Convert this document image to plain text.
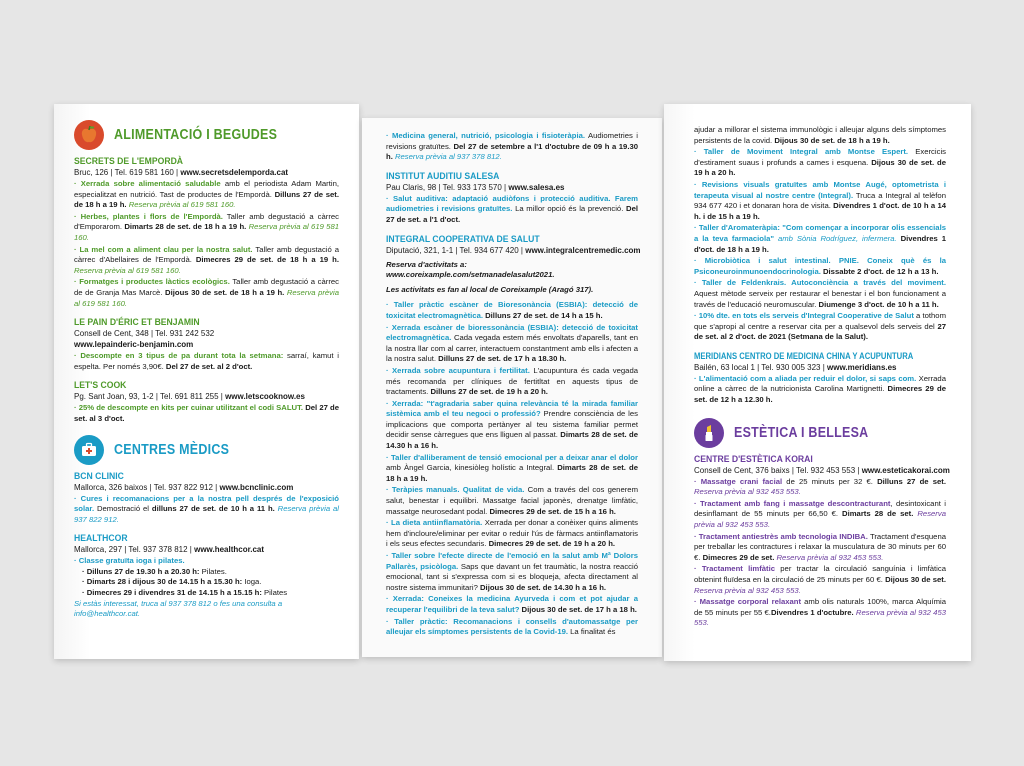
ALIMENTACIÓ I BEGUDES
SECRETS DE L'EMPORDÀ
Bruc, 126 | Tel. 619 581 160 | www.secretsdelemporda.cat
· Xerrada sobre alimentació saludable amb el periodista Adam Martin, especialitzat en nutrició. Tast de productes de l'Empordà. Dilluns 27 de set. de 18 h a 19 h. Reserva prèvia al 619 581 160.
· Herbes, plantes i flors de l'Empordà. Taller amb degustació a càrrec d'Emporarom. Dimarts 28 de set. de 18 h a 19 h. Reserva prèvia al 619 581 160.
· La mel com a aliment clau per la nostra salut. Taller amb degustació a càrrec d'Abellaires de l'Empordà. Dimecres 29 de set. de 18 h a 19 h. Reserva prèvia al 619 581 160.
· Formatges i productes làctics ecològics. Taller amb degustació a càrrec de de Granja Mas Marcè. Dijous 30 de set. de 18 h a 19 h. Reserva prèvia al 619 581 160.
LE PAIN D'ÉRIC ET BENJAMIN
Consell de Cent, 348 | Tel. 931 242 532
www.lepainderic-benjamin.com
· Descompte en 3 tipus de pa durant tota la setmana: sarraí, kamut i espelta. Per només 3,90€. Del 27 de set. al 2 d'oct.
LET'S COOK
Pg. Sant Joan, 93, 1-2 | Tel. 691 811 255 | www.letscooknow.es
· 25% de descompte en kits per cuinar utilitzant el codi SALUT. Del 27 de set. al 3 d'oct.
CENTRES MÈDICS
BCN CLINIC
Mallorca, 326 baixos | Tel. 937 822 912 | www.bcnclinic.com
· Cures i recomanacions per a la nostra pell després de l'exposició solar. Demostració el dilluns 27 de set. de 10 h a 11 h. Reserva prèvia al 937 822 912.
HEALTHCOR
Mallorca, 297 | Tel. 937 378 812 | www.healthcor.cat
· Classe gratuïta ioga i pilates.
· Dilluns 27 de 19.30 h a 20.30 h: Pilates.
· Dimarts 28 i dijous 30 de 14.15 h a 15.30 h: Ioga.
· Dimecres 29 i divendres 31 de 14.15 h a 15.15 h: Pilates
Si estàs interessat, truca al 937 378 812 o fes una consulta a info@healthcor.cat.
· Medicina general, nutrició, psicologia i fisioteràpia. Audiometries i revisions gratuïtes. Del 27 de setembre a l'1 d'octubre de 09 h a 19.30 h. Reserva prèvia al 937 378 812.
INSTITUT AUDITIU SALESA
Pau Claris, 98 | Tel. 933 173 570 | www.salesa.es
· Salut auditiva: adaptació audiòfons i protecció auditiva. Farem audiometries i revisions gratuïtes. La millor opció és la prevenció. Del 27 de set. a l'1 d'oct.
INTEGRAL COOPERATIVA DE SALUT
Diputació, 321, 1-1 | Tel. 934 677 420 | www.integralcentremedic.com
Reserva d'activitats a:
www.coreixample.com/setmanadelasalut2021.
Les activitats es fan al local de Coreixample (Aragó 317).
· Taller pràctic escàner de Bioresonància (ESBIA): detecció de toxicitat electromagnètica. Dilluns 27 de set. de 14 h a 15 h.
· Xerrada escàner de bioressonància (ESBIA): detecció de toxicitat electromagnètica. Cada vegada estem més envoltats d'aparells, tant en la nostra llar com al carrer, interactuem constantment amb ells i afecten a la nostra salut. Dilluns 27 de set. de 17 h a 18.30 h.
· Xerrada sobre acupuntura i fertilitat. L'acupuntura és cada vegada més recomanda per clíniques de fertitltat en aquests tipus de tractaments. Dilluns 27 de set. de 19 h a 20 h.
· Xerrada: "t'agradaria saber quina relevància té la mirada familiar sistèmica amb el teu negoci o professió? Prendre consciència de les implicacions que comporta pertànyer al teu sistema familiar permet decidir sense càrregues que ens lliguen al passat. Dimarts 28 de set. de 14.30 h a 16 h.
· Taller d'alliberament de tensió emocional per a deixar anar el dolor amb Àngel Garcia, kinesiòleg holístic a Integral. Dimarts 28 de set. de 18 h a 19 h.
· Teràpies manuals. Qualitat de vida. Com a través del cos generem salut, benestar i equilibri. Massatge facial japonès, drenatge limfàtic, massatge neurosedant podal. Dimecres 29 de set. de 15 h a 16 h.
· La dieta antiinflamatòria. Xerrada per donar a conèixer quins aliments hem d'incloure/eliminar per evitar o reduir l'ús de fàrmacs antiinflamatoris i els seus efectes secundaris. Dimecres 29 de set. de 19 h a 20 h.
· Taller sobre l'efecte directe de l'emoció en la salut amb Mª Dolors Pallarès, psicòloga. Saps que davant un fet traumàtic, la nostra reacció emocional, tant si s'expressa com si es bloqueja, afecta directament al nostre sistema immunitari? Dijous 30 de set. de 14.30 h a 16 h.
· Xerrada: Coneixes la medicina Ayurveda i com et pot ajudar a recuperar l'equilibri de la teva salut? Dijous 30 de set. de 17 h a 18 h.
· Taller pràctic: Recomanacions i consells d'automassatge per alleujar els símptomes persistents de la Covid-19. La finalitat és
ajudar a millorar el sistema immunològic i alleujar alguns dels símptomes persistents de la covid. Dijous 30 de set. de 18 h a 19 h.
· Taller de Moviment Integral amb Montse Espert. Exercicis d'estirament suaus i profunds a cames i esquena. Dijous 30 de set. de 19 h a 20 h.
· Revisions visuals gratuïtes amb Montse Augé, optometrista i terapeuta visual al nostre centre (Integral). Truca a Integral al telèfon 934 677 420 i et donaran hora de visita. Divendres 1 d'oct. de 10 h a 14 h. i de 15 h a 19 h.
· Taller d'Aromateràpia: "Com començar a incorporar olis essencials a la teva farmaciola" amb Sònia Rodríguez, infermera. Divendres 1 d'oct. de 18 h a 19 h.
· Microbiòtica i salut intestinal. PNIE. Coneix què és la Psiconeuroinmunoendocrinologia. Dissabte 2 d'oct. de 12 h a 13 h.
· Taller de Feldenkrais. Autoconciència a través del moviment. Aquest mètode serveix per restaurar el benestar i el bon funcionament a través de l'educació neuromuscular. Diumenge 3 d'oct. de 10 h a 11 h.
· 10% dte. en tots els serveis d'Integral Cooperative de Salut a tothom que s'apropi al centre a reservar cita per a qualsevol dels serveis del 27 de set. al 2 d'oct. de 2021 (Setmana de la Salut).
MERIDIANS CENTRO DE MEDICINA CHINA Y ACUPUNTURA
Bailén, 63 local 1 | Tel. 930 005 323 | www.meridians.es
· L'alimentació com a aliada per reduir el dolor, si saps com. Xerrada online a càrrec de la nutricionista Carolina Martignetti. Dimecres 29 de set. de 12 h a 12.30 h.
ESTÈTICA I BELLESA
CENTRE D'ESTÈTICA KORAI
Consell de Cent, 376 baixs | Tel. 932 453 553 | www.esteticakorai.com
· Massatge crani facial de 25 minuts per 32 €. Dilluns 27 de set. Reserva prèvia al 932 453 553.
· Tractament amb fang i massatge descontracturant, desintoxicant i desinflamant de 55 minuts per 66,50 €. Dimarts 28 de set. Reserva prèvia al 932 453 553.
· Tractament antiestrès amb tecnologia INDIBA. Tractament d'esquena per treballar les contractures i relaxar la musculatura de 30 minuts per 60 €. Dimecres 29 de set. Reserva prèvia al 932 453 553.
· Tractament limfàtic per tractar la circulació sanguínia i limfàtica obtenint fluïdesa en la circulació de 25 minuts per 60 €. Dijous 30 de set. Reserva prèvia al 932 453 553.
· Massatge corporal relaxant amb olis naturals 100%, marca Alquímia de 55 minuts per 55 €.Divendres 1 d'octubre. Reserva prèvia al 932 453 553.
